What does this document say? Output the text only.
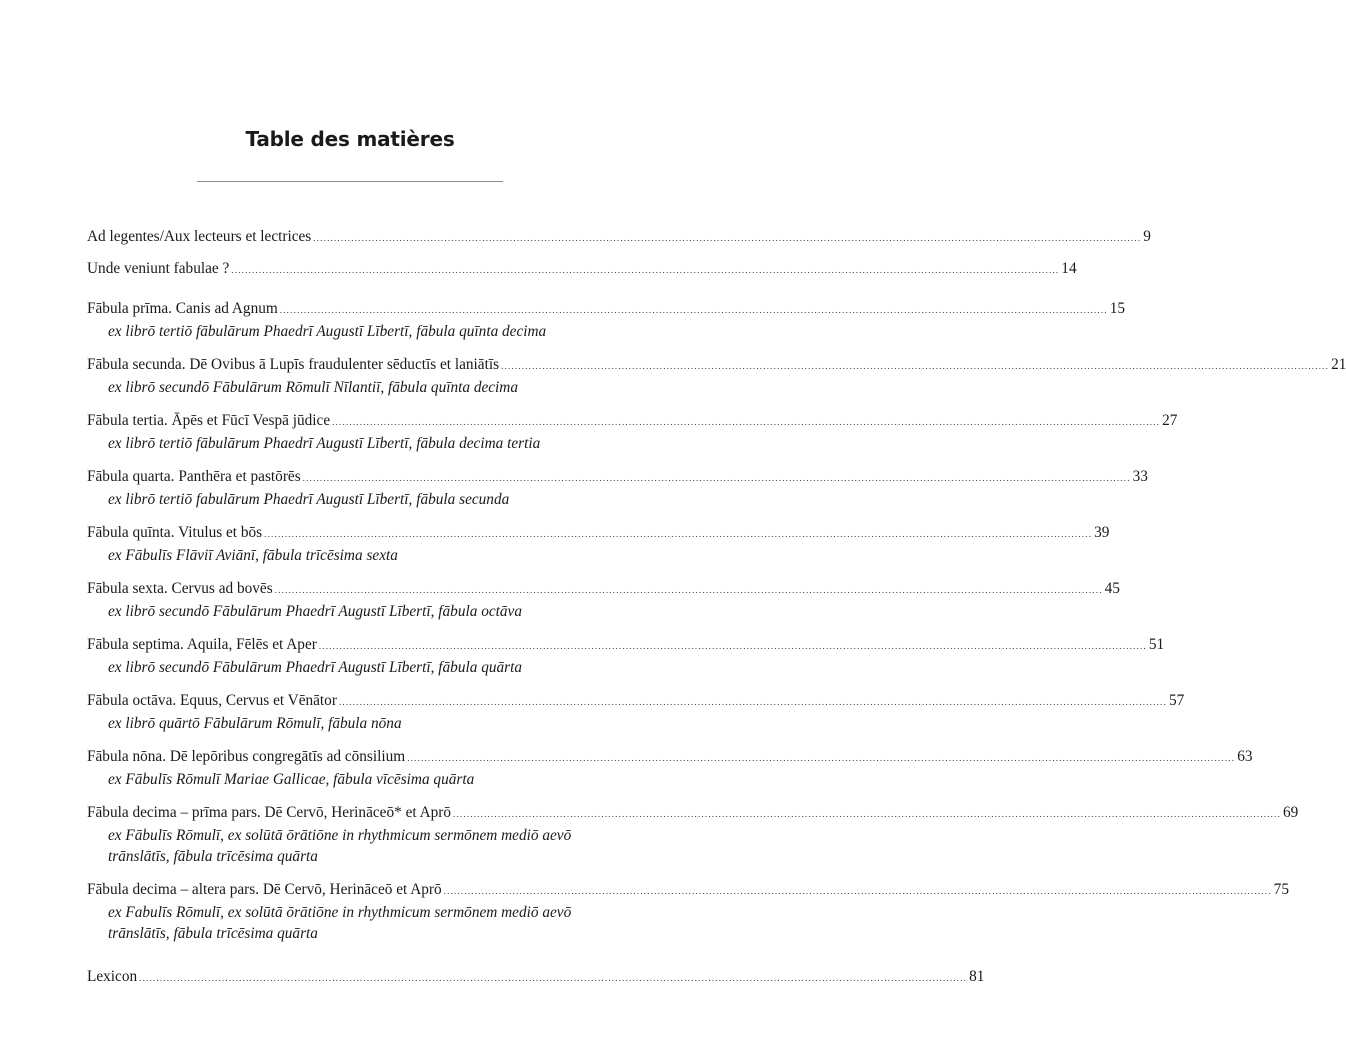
Table des matières
Ad legentes/Aux lecteurs et lectrices ................................................................................................................................................................................................................................................ 9
Unde veniunt fabulae ? ................................................................................................................................................................................................................................................ 14
Fābula prīma. Canis ad Agnum ................................................................................................................................................................................................................................................ 15
ex librō tertiō fābulārum Phaedrī Augustī Lībertī, fābula quīnta decima
Fābula secunda. Dē Ovibus ā Lupīs fraudulenter sēductīs et laniātīs ................................................................................................................................................................................................................................................ 21
ex librō secundō Fābulārum Rōmulī Nīlantiī, fābula quīnta decima
Fābula tertia. Āpēs et Fūcī Vespā jūdice ................................................................................................................................................................................................................................................ 27
ex librō tertiō fābulārum Phaedrī Augustī Lībertī, fābula decima tertia
Fābula quarta. Panthēra et pastōrēs ................................................................................................................................................................................................................................................ 33
ex librō tertiō fabulārum Phaedrī Augustī Lībertī, fābula secunda
Fābula quīnta. Vitulus et bōs ................................................................................................................................................................................................................................................ 39
ex Fābulīs Flāviī Aviānī, fābula trīcēsima sexta
Fābula sexta. Cervus ad bovēs ................................................................................................................................................................................................................................................ 45
ex librō secundō Fābulārum Phaedrī Augustī Lībertī, fābula octāva
Fābula septima. Aquila, Fēlēs et Aper ................................................................................................................................................................................................................................................ 51
ex librō secundō Fābulārum Phaedrī Augustī Lībertī, fābula quārta
Fābula octāva. Equus, Cervus et Vēnātor ................................................................................................................................................................................................................................................ 57
ex librō quārtō Fābulārum Rōmulī, fābula nōna
Fābula nōna. Dē lepōribus congregātīs ad cōnsilium ................................................................................................................................................................................................................................................ 63
ex Fābulīs Rōmulī Mariae Gallicae, fābula vīcēsima quārta
Fābula decima – prīma pars. Dē Cervō, Herināceō* et Aprō ................................................................................................................................................................................................................................................ 69
ex Fābulīs Rōmulī, ex solūtā ōrātiōne in rhythmicum sermōnem mediō aevō
trānslātīs, fābula trīcēsima quārta
Fābula decima – altera pars. Dē Cervō, Herināceō et Aprō ................................................................................................................................................................................................................................................ 75
ex Fabulīs Rōmulī, ex solūtā ōrātiōne in rhythmicum sermōnem mediō aevō
trānslātīs, fābula trīcēsima quārta
Lexicon ................................................................................................................................................................................................................................................ 81
